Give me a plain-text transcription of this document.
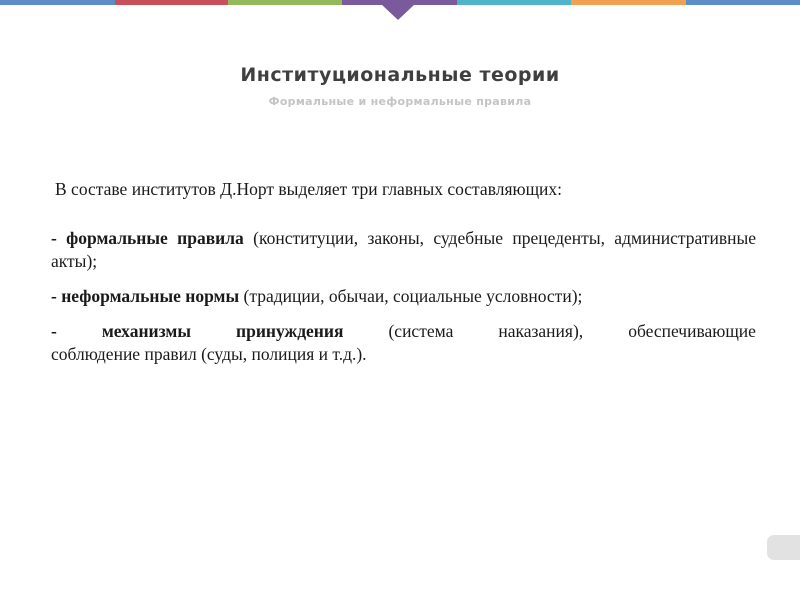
Институциональные теории
Формальные и неформальные правила
В составе институтов Д.Норт выделяет три главных составляющих:
- формальные правила (конституции, законы, судебные прецеденты, административные акты);
- неформальные нормы (традиции, обычаи, социальные условности);
-	механизмы	принуждения	(система	наказания),	обеспечивающие
соблюдение правил (суды, полиция и т.д.).
